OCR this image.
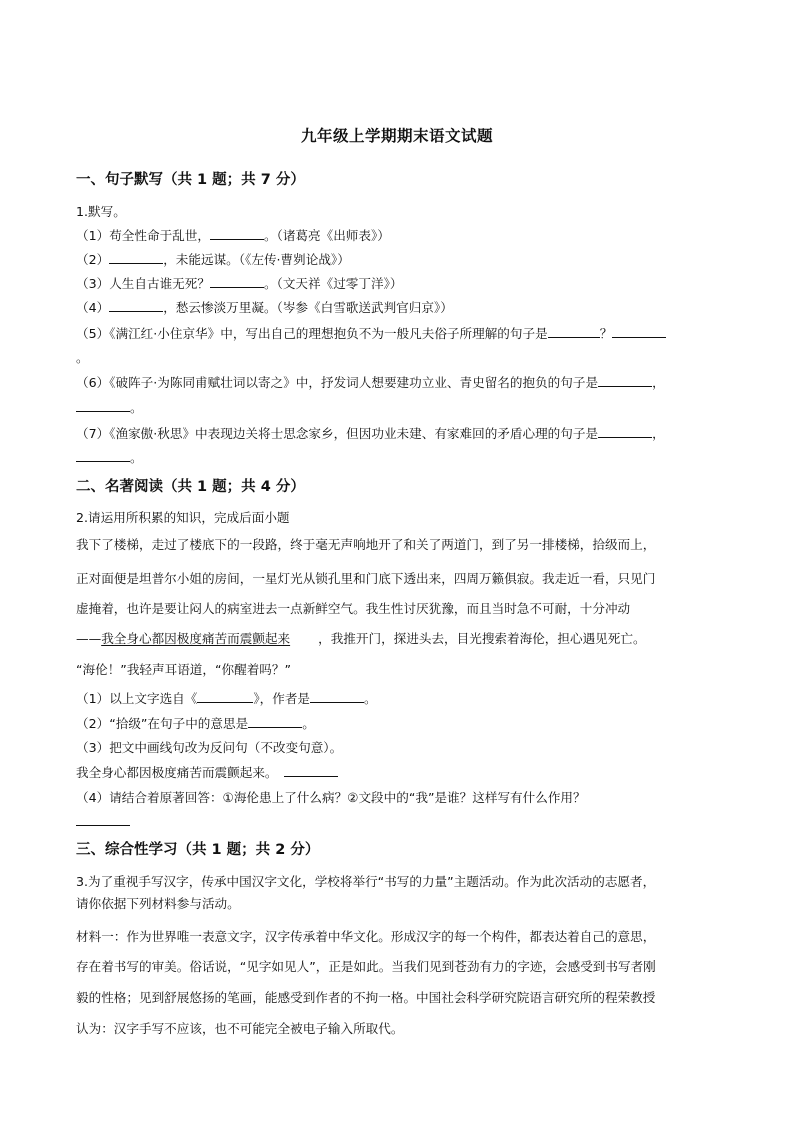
九年级上学期期末语文试题
一、句子默写（共 1 题；共 7 分）
1.默写。
（1）苟全性命于乱世，	。（诸葛亮《出师表》）
（2）	，未能远谋。（《左传·曹刿论战》）
（3）人生自古谁无死？	。（文天祥《过零丁洋》）
（4）	，愁云惨淡万里凝。（岑参《白雪歌送武判官归京》）
（5）《满江红·小住京华》中，写出自己的理想抱负不为一般凡夫俗子所理解的句子是	？
。
（6）《破阵子·为陈同甫赋壮词以寄之》中，抒发词人想要建功立业、青史留名的抱负的句子是	，
。
（7）《渔家傲·秋思》中表现边关将士思念家乡，但因功业未建、有家难回的矛盾心理的句子是	，
。
二、名著阅读（共 1 题；共 4 分）
2.请运用所积累的知识，完成后面小题
我下了楼梯，走过了楼底下的一段路，终于毫无声响地开了和关了两道门，到了另一排楼梯，拾级而上，
正对面便是坦普尔小姐的房间，一星灯光从锁孔里和门底下透出来，四周万籁俱寂。我走近一看，只见门
虚掩着，也许是要让闷人的病室进去一点新鲜空气。我生性讨厌犹豫，而且当时急不可耐，十分冲动
——我全身心都因极度痛苦而震颤起来 ，我推开门，探进头去，目光搜索着海伦，担心遇见死亡。
“海伦！”我轻声耳语道，“你醒着吗？”
（1）以上文字选自《	》，作者是	。
（2）“拾级”在句子中的意思是	。
（3）把文中画线句改为反问句（不改变句意）。
我全身心都因极度痛苦而震颤起来。
（4）请结合着原著回答：①海伦患上了什么病？②文段中的“我”是谁？这样写有什么作用？
三、综合性学习（共 1 题；共 2 分）
3.为了重视手写汉字，传承中国汉字文化，学校将举行“书写的力量”主题活动。作为此次活动的志愿者，
请你依据下列材料参与活动。
材料一：作为世界唯一表意文字，汉字传承着中华文化。形成汉字的每一个构件，都表达着自己的意思，
存在着书写的审美。俗话说，“见字如见人”，正是如此。当我们见到苍劲有力的字迹，会感受到书写者刚
毅的性格；见到舒展悠扬的笔画，能感受到作者的不拘一格。中国社会科学研究院语言研究所的程荣教授
认为：汉字手写不应该，也不可能完全被电子输入所取代。
